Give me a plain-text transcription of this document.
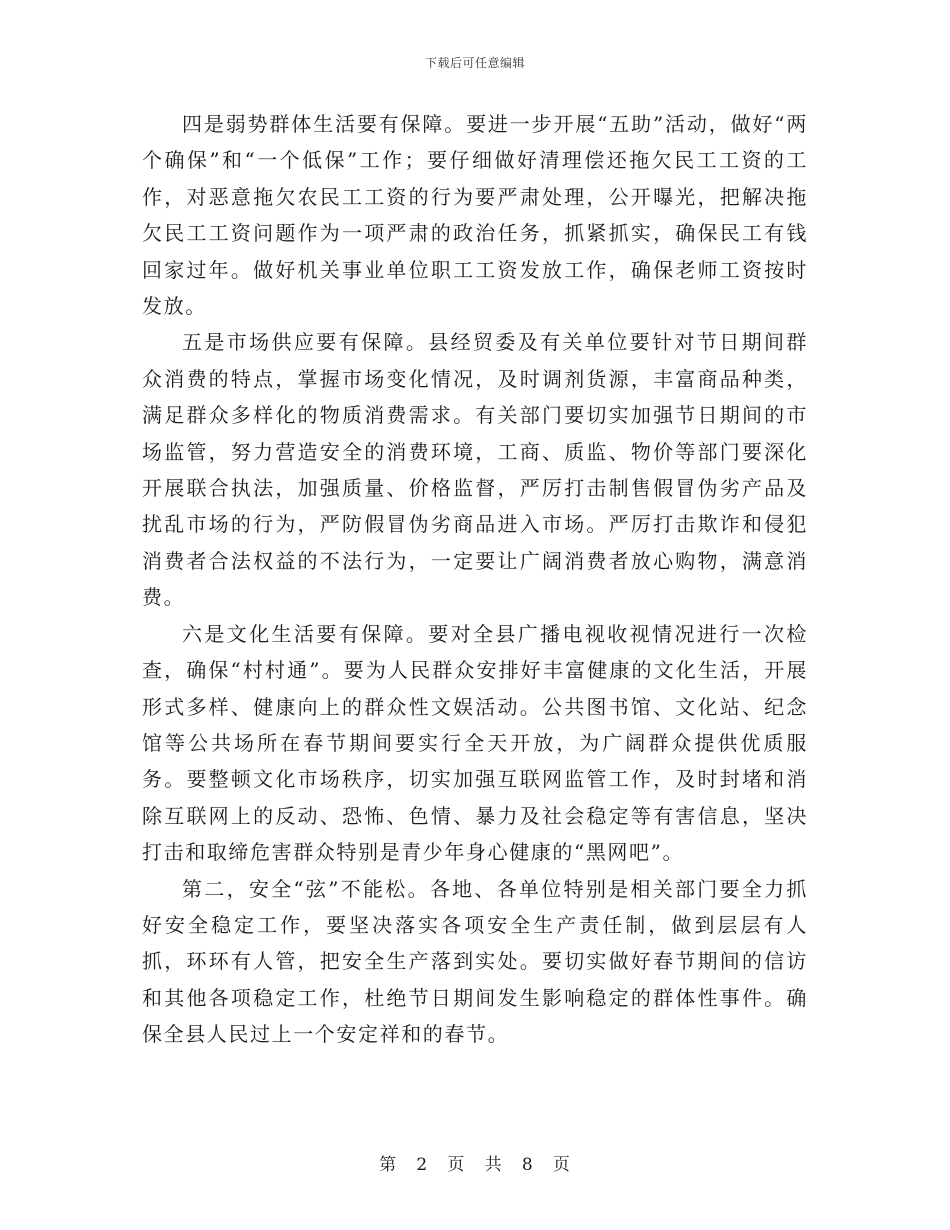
下载后可任意编辑

四是弱势群体生活要有保障。要进一步开展“五助”活动，做好“两个确保”和“一个低保”工作；要仔细做好清理偿还拖欠民工工资的工作，对恶意拖欠农民工工资的行为要严肃处理，公开曝光，把解决拖欠民工工资问题作为一项严肃的政治任务，抓紧抓实，确保民工有钱回家过年。做好机关事业单位职工工资发放工作，确保老师工资按时发放。

五是市场供应要有保障。县经贸委及有关单位要针对节日期间群众消费的特点，掌握市场变化情况，及时调剂货源，丰富商品种类，满足群众多样化的物质消费需求。有关部门要切实加强节日期间的市场监管，努力营造安全的消费环境，工商、质监、物价等部门要深化开展联合执法，加强质量、价格监督，严厉打击制售假冒伪劣产品及扰乱市场的行为，严防假冒伪劣商品进入市场。严厉打击欺诈和侵犯消费者合法权益的不法行为，一定要让广阔消费者放心购物，满意消费。

六是文化生活要有保障。要对全县广播电视收视情况进行一次检查，确保“村村通”。要为人民群众安排好丰富健康的文化生活，开展形式多样、健康向上的群众性文娱活动。公共图书馆、文化站、纪念馆等公共场所在春节期间要实行全天开放，为广阔群众提供优质服务。要整顿文化市场秩序，切实加强互联网监管工作，及时封堵和消除互联网上的反动、恐怖、色情、暴力及社会稳定等有害信息，坚决打击和取缔危害群众特别是青少年身心健康的“黑网吧”。

第二，安全“弦”不能松。各地、各单位特别是相关部门要全力抓好安全稳定工作，要坚决落实各项安全生产责任制，做到层层有人抓，环环有人管，把安全生产落到实处。要切实做好春节期间的信访和其他各项稳定工作，杜绝节日期间发生影响稳定的群体性事件。确保全县人民过上一个安定祥和的春节。

第 2 页 共 8 页
